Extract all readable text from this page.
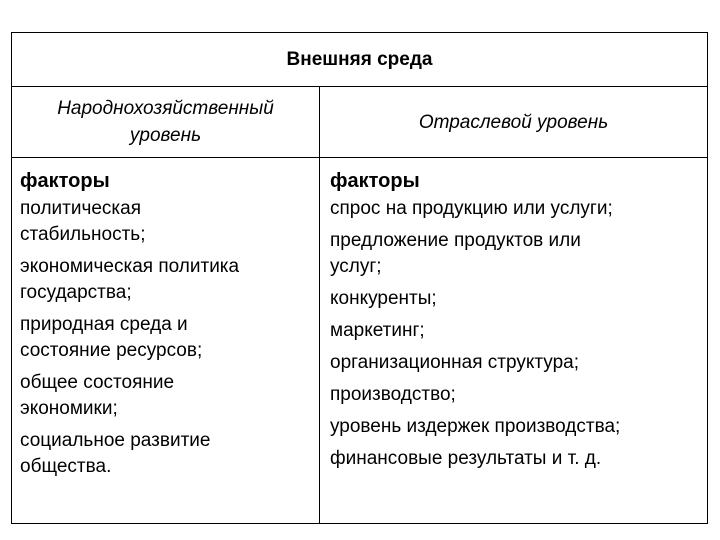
Внешняя среда
Народнохозяйственный
уровень
Отраслевой уровень
факторы
политическая
стабильность;
экономическая политика
государства;
природная среда и
состояние ресурсов;
общее состояние
экономики;
социальное развитие
общества.
факторы
спрос на продукцию или услуги;
предложение продуктов или
услуг;
конкуренты;
маркетинг;
организационная структура;
производство;
уровень издержек производства;
финансовые результаты и т. д.
